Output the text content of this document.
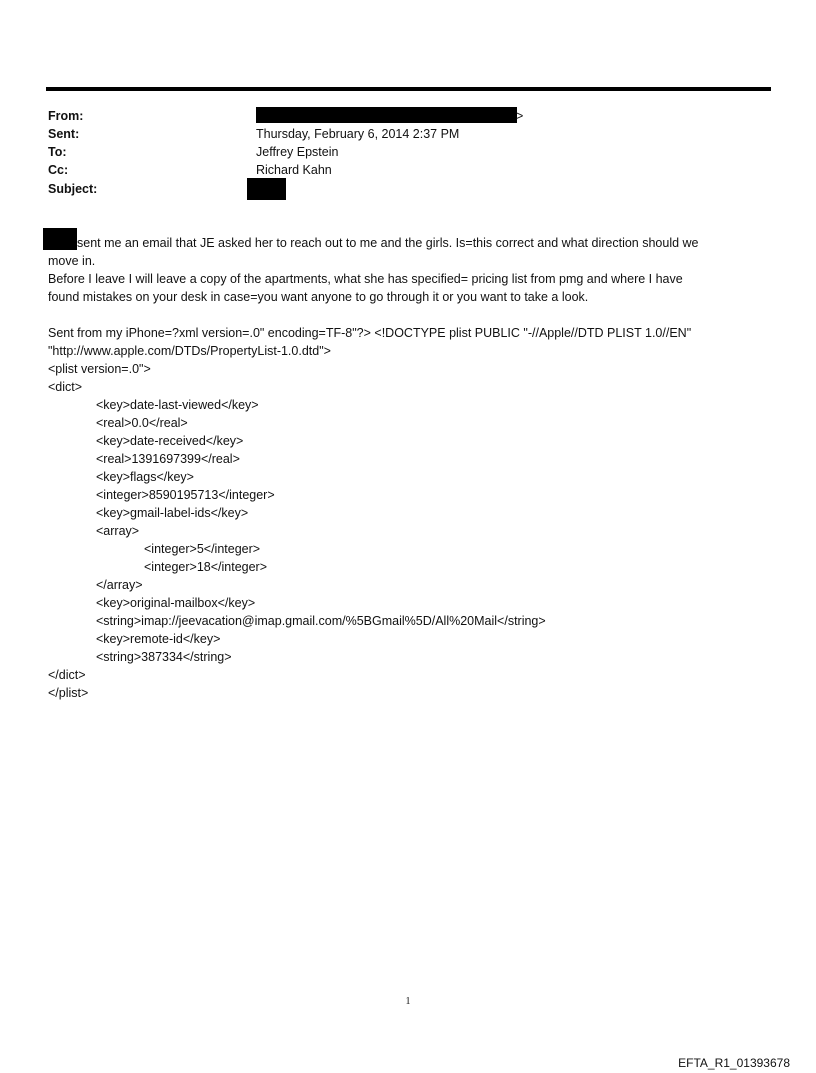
From:	>
Sent:	Thursday, February 6, 2014 2:37 PM
To:	Jeffrey Epstein
Cc:	Richard Kahn
Subject:
sent me an email that JE asked her to reach out to me and the girls. Is=this correct and what direction should we
move in.
Before I leave I will leave a copy of the apartments, what she has specified= pricing list from pmg and where I have
found mistakes on your desk in case=you want anyone to go through it or you want to take a look.
Sent from my iPhone=?xml version=.0" encoding=TF-8"?> <!DOCTYPE plist PUBLIC "-//Apple//DTD PLIST 1.0//EN"
"http://www.apple.com/DTDs/PropertyList-1.0.dtd">
<plist version=.0">
<dict>
<key>date-last-viewed</key>
<real>0.0</real>
<key>date-received</key>
<real>1391697399</real>
<key>flags</key>
<integer>8590195713</integer>
<key>gmail-label-ids</key>
<array>
<integer>5</integer>
<integer>18</integer>
</array>
<key>original-mailbox</key>
<string>imap://jeevacation@imap.gmail.com/%5BGmail%5D/All%20Mail</string>
<key>remote-id</key>
<string>387334</string>
</dict>
</plist>
1
EFTA_R1_01393678
